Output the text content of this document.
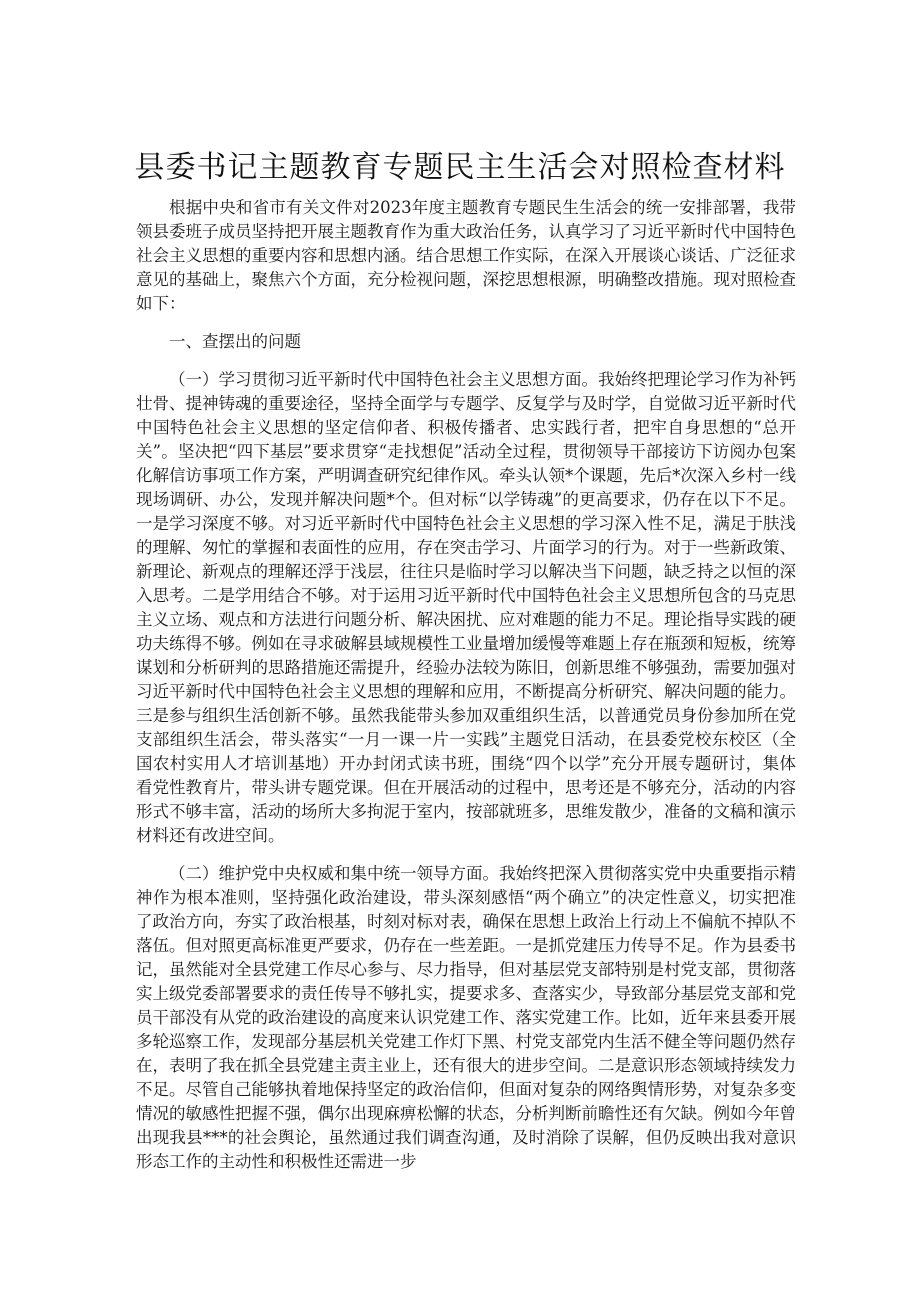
县委书记主题教育专题民主生活会对照检查材料

根据中央和省市有关文件对2023年度主题教育专题民生生活会的统一安排部署，我带领县委班子成员坚持把开展主题教育作为重大政治任务，认真学习了习近平新时代中国特色社会主义思想的重要内容和思想内涵。结合思想工作实际，在深入开展谈心谈话、广泛征求意见的基础上，聚焦六个方面，充分检视问题，深挖思想根源，明确整改措施。现对照检查如下：

一、查摆出的问题

（一）学习贯彻习近平新时代中国特色社会主义思想方面。我始终把理论学习作为补钙壮骨、提神铸魂的重要途径，坚持全面学与专题学、反复学与及时学，自觉做习近平新时代中国特色社会主义思想的坚定信仰者、积极传播者、忠实践行者，把牢自身思想的“总开关”。坚决把“四下基层”要求贯穿“走找想促”活动全过程，贯彻领导干部接访下访阅办包案化解信访事项工作方案，严明调查研究纪律作风。牵头认领*个课题，先后*次深入乡村一线现场调研、办公，发现并解决问题*个。但对标“以学铸魂”的更高要求，仍存在以下不足。一是学习深度不够。对习近平新时代中国特色社会主义思想的学习深入性不足，满足于肤浅的理解、匆忙的掌握和表面性的应用，存在突击学习、片面学习的行为。对于一些新政策、新理论、新观点的理解还浮于浅层，往往只是临时学习以解决当下问题，缺乏持之以恒的深入思考。二是学用结合不够。对于运用习近平新时代中国特色社会主义思想所包含的马克思主义立场、观点和方法进行问题分析、解决困扰、应对难题的能力不足。理论指导实践的硬功夫练得不够。例如在寻求破解县域规模性工业量增加缓慢等难题上存在瓶颈和短板，统筹谋划和分析研判的思路措施还需提升，经验办法较为陈旧，创新思维不够强劲，需要加强对习近平新时代中国特色社会主义思想的理解和应用，不断提高分析研究、解决问题的能力。三是参与组织生活创新不够。虽然我能带头参加双重组织生活，以普通党员身份参加所在党支部组织生活会，带头落实“一月一课一片一实践”主题党日活动，在县委党校东校区（全国农村实用人才培训基地）开办封闭式读书班，围绕“四个以学”充分开展专题研讨，集体看党性教育片，带头讲专题党课。但在开展活动的过程中，思考还是不够充分，活动的内容形式不够丰富，活动的场所大多拘泥于室内，按部就班多，思维发散少，准备的文稿和演示材料还有改进空间。

（二）维护党中央权威和集中统一领导方面。我始终把深入贯彻落实党中央重要指示精神作为根本准则，坚持强化政治建设，带头深刻感悟“两个确立”的决定性意义，切实把准了政治方向，夯实了政治根基，时刻对标对表，确保在思想上政治上行动上不偏航不掉队不落伍。但对照更高标准更严要求，仍存在一些差距。一是抓党建压力传导不足。作为县委书记，虽然能对全县党建工作尽心参与、尽力指导，但对基层党支部特别是村党支部，贯彻落实上级党委部署要求的责任传导不够扎实，提要求多、查落实少，导致部分基层党支部和党员干部没有从党的政治建设的高度来认识党建工作、落实党建工作。比如，近年来县委开展多轮巡察工作，发现部分基层机关党建工作灯下黑、村党支部党内生活不健全等问题仍然存在，表明了我在抓全县党建主责主业上，还有很大的进步空间。二是意识形态领域持续发力不足。尽管自己能够执着地保持坚定的政治信仰，但面对复杂的网络舆情形势，对复杂多变情况的敏感性把握不强，偶尔出现麻痹松懈的状态，分析判断前瞻性还有欠缺。例如今年曾出现我县***的社会舆论，虽然通过我们调查沟通，及时消除了误解，但仍反映出我对意识形态工作的主动性和积极性还需进一步
